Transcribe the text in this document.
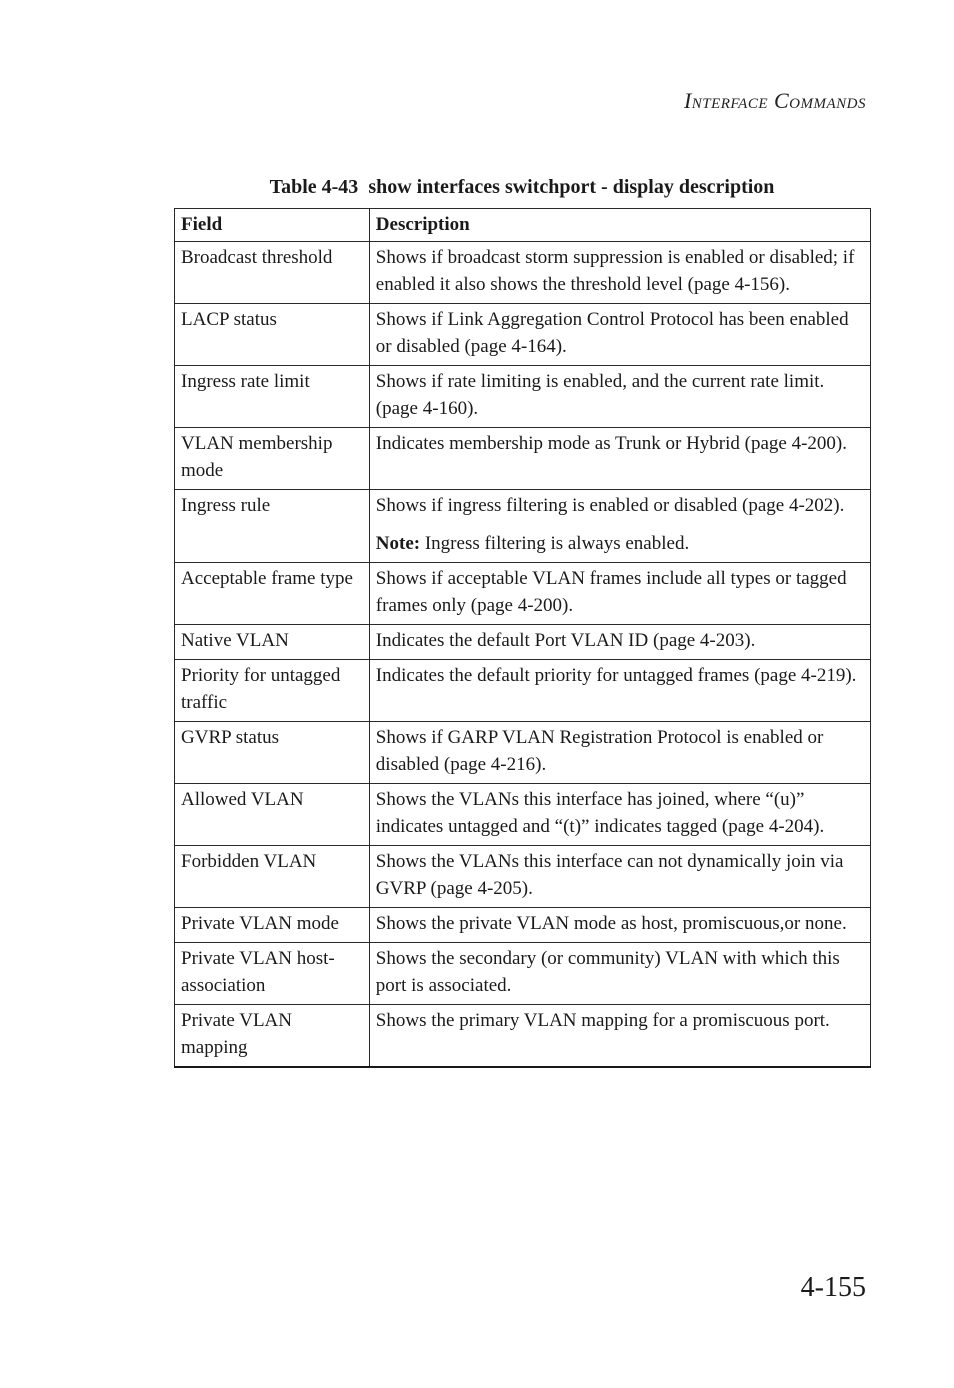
Interface Commands
Table 4-43 show interfaces switchport - display description
Field	Description
Broadcast threshold	Shows if broadcast storm suppression is enabled or disabled; if enabled it also shows the threshold level (page 4-156).
LACP status	Shows if Link Aggregation Control Protocol has been enabled or disabled (page 4-164).
Ingress rate limit	Shows if rate limiting is enabled, and the current rate limit. (page 4-160).
VLAN membership mode	Indicates membership mode as Trunk or Hybrid (page 4-200).
Ingress rule	Shows if ingress filtering is enabled or disabled (page 4-202).
Note: Ingress filtering is always enabled.

Acceptable frame type	Shows if acceptable VLAN frames include all types or tagged frames only (page 4-200).
Native VLAN	Indicates the default Port VLAN ID (page 4-203).
Priority for untagged traffic	Indicates the default priority for untagged frames (page 4-219).
GVRP status	Shows if GARP VLAN Registration Protocol is enabled or disabled (page 4-216).
Allowed VLAN	Shows the VLANs this interface has joined, where “(u)” indicates untagged and “(t)” indicates tagged (page 4-204).
Forbidden VLAN	Shows the VLANs this interface can not dynamically join via GVRP (page 4-205).
Private VLAN mode	Shows the private VLAN mode as host, promiscuous,or none.
Private VLAN host-association	Shows the secondary (or community) VLAN with which this port is associated.
Private VLAN mapping	Shows the primary VLAN mapping for a promiscuous port.
4-155
